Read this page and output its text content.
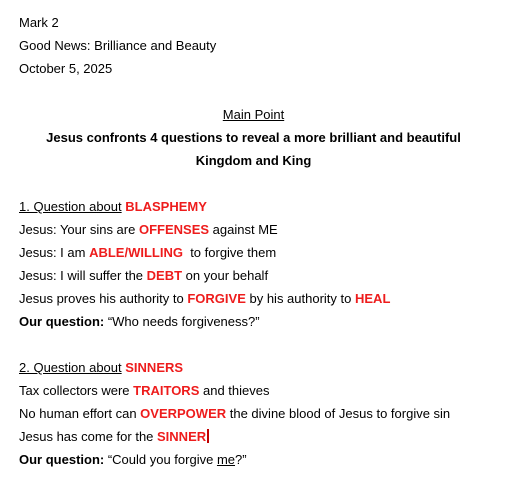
Mark 2
Good News: Brilliance and Beauty
October 5, 2025
Main Point
Jesus confronts 4 questions to reveal a more brilliant and beautiful
Kingdom and King
1. Question about BLASPHEMY
Jesus: Your sins are OFFENSES against ME
Jesus: I am ABLE/WILLING  to forgive them
Jesus: I will suffer the DEBT on your behalf
Jesus proves his authority to FORGIVE by his authority to HEAL
Our question: “Who needs forgiveness?”
2. Question about SINNERS
Tax collectors were TRAITORS and thieves
No human effort can OVERPOWER the divine blood of Jesus to forgive sin
Jesus has come for the SINNER
Our question: “Could you forgive me?”
